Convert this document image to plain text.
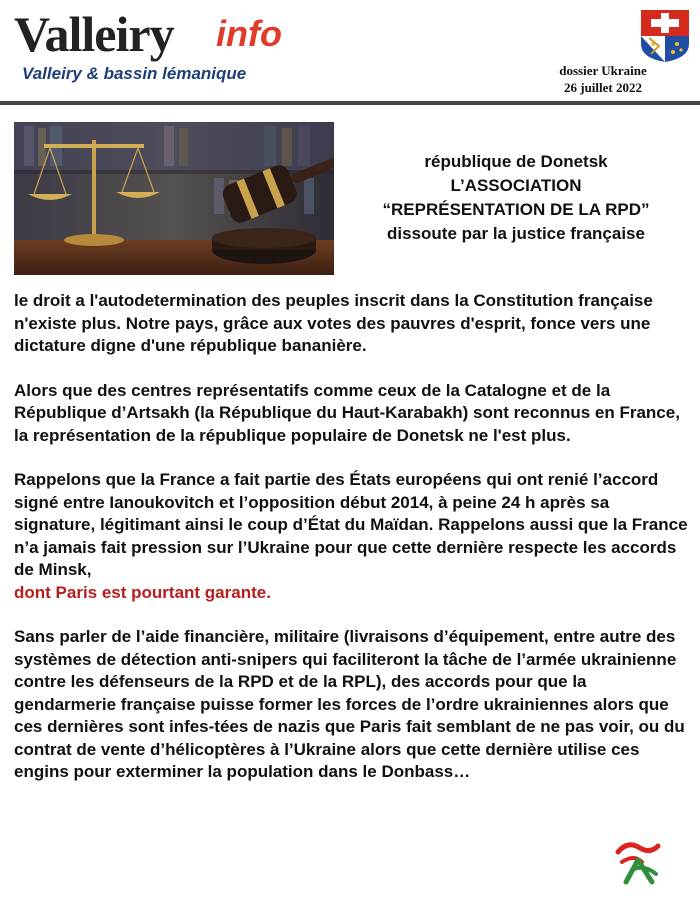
Valleiry info
Valleiry & bassin lémanique	dossier Ukraine
26 juillet 2022
république de Donetsk
L’ASSOCIATION
“REPRÉSENTATION DE LA RPD”
dissoute par la justice française

le droit a l'autodetermination des peuples inscrit dans la Constitution française n'existe plus. Notre pays, grâce aux votes des pauvres d'esprit, fonce vers une dictature digne d'une république bananière.

Alors que des centres représentatifs comme ceux de la Catalogne et de la République d’Artsakh (la République du Haut-Karabakh) sont reconnus en France, la représentation de la république populaire de Donetsk ne l'est plus.

Rappelons que la France a fait partie des États européens qui ont renié l’accord signé entre Ianoukovitch et l’opposition début 2014, à peine 24 h après sa signature, légitimant ainsi le coup d’État du Maïdan. Rappelons aussi que la France n’a jamais fait pression sur l’Ukraine pour que cette dernière respecte les accords de Minsk,
dont Paris est pourtant garante.

Sans parler de l’aide financière, militaire (livraisons d’équipement, entre autre des systèmes de détection anti-snipers qui faciliteront la tâche de l’armée ukrainienne contre les défenseurs de la RPD et de la RPL), des accords pour que la gendarmerie française puisse former les forces de l’ordre ukrainiennes alors que ces dernières sont infes-tées de nazis que Paris fait semblant de ne pas voir, ou du contrat de vente d’hélicoptères à l’Ukraine alors que cette dernière utilise ces engins pour exterminer la population dans le Donbass…
